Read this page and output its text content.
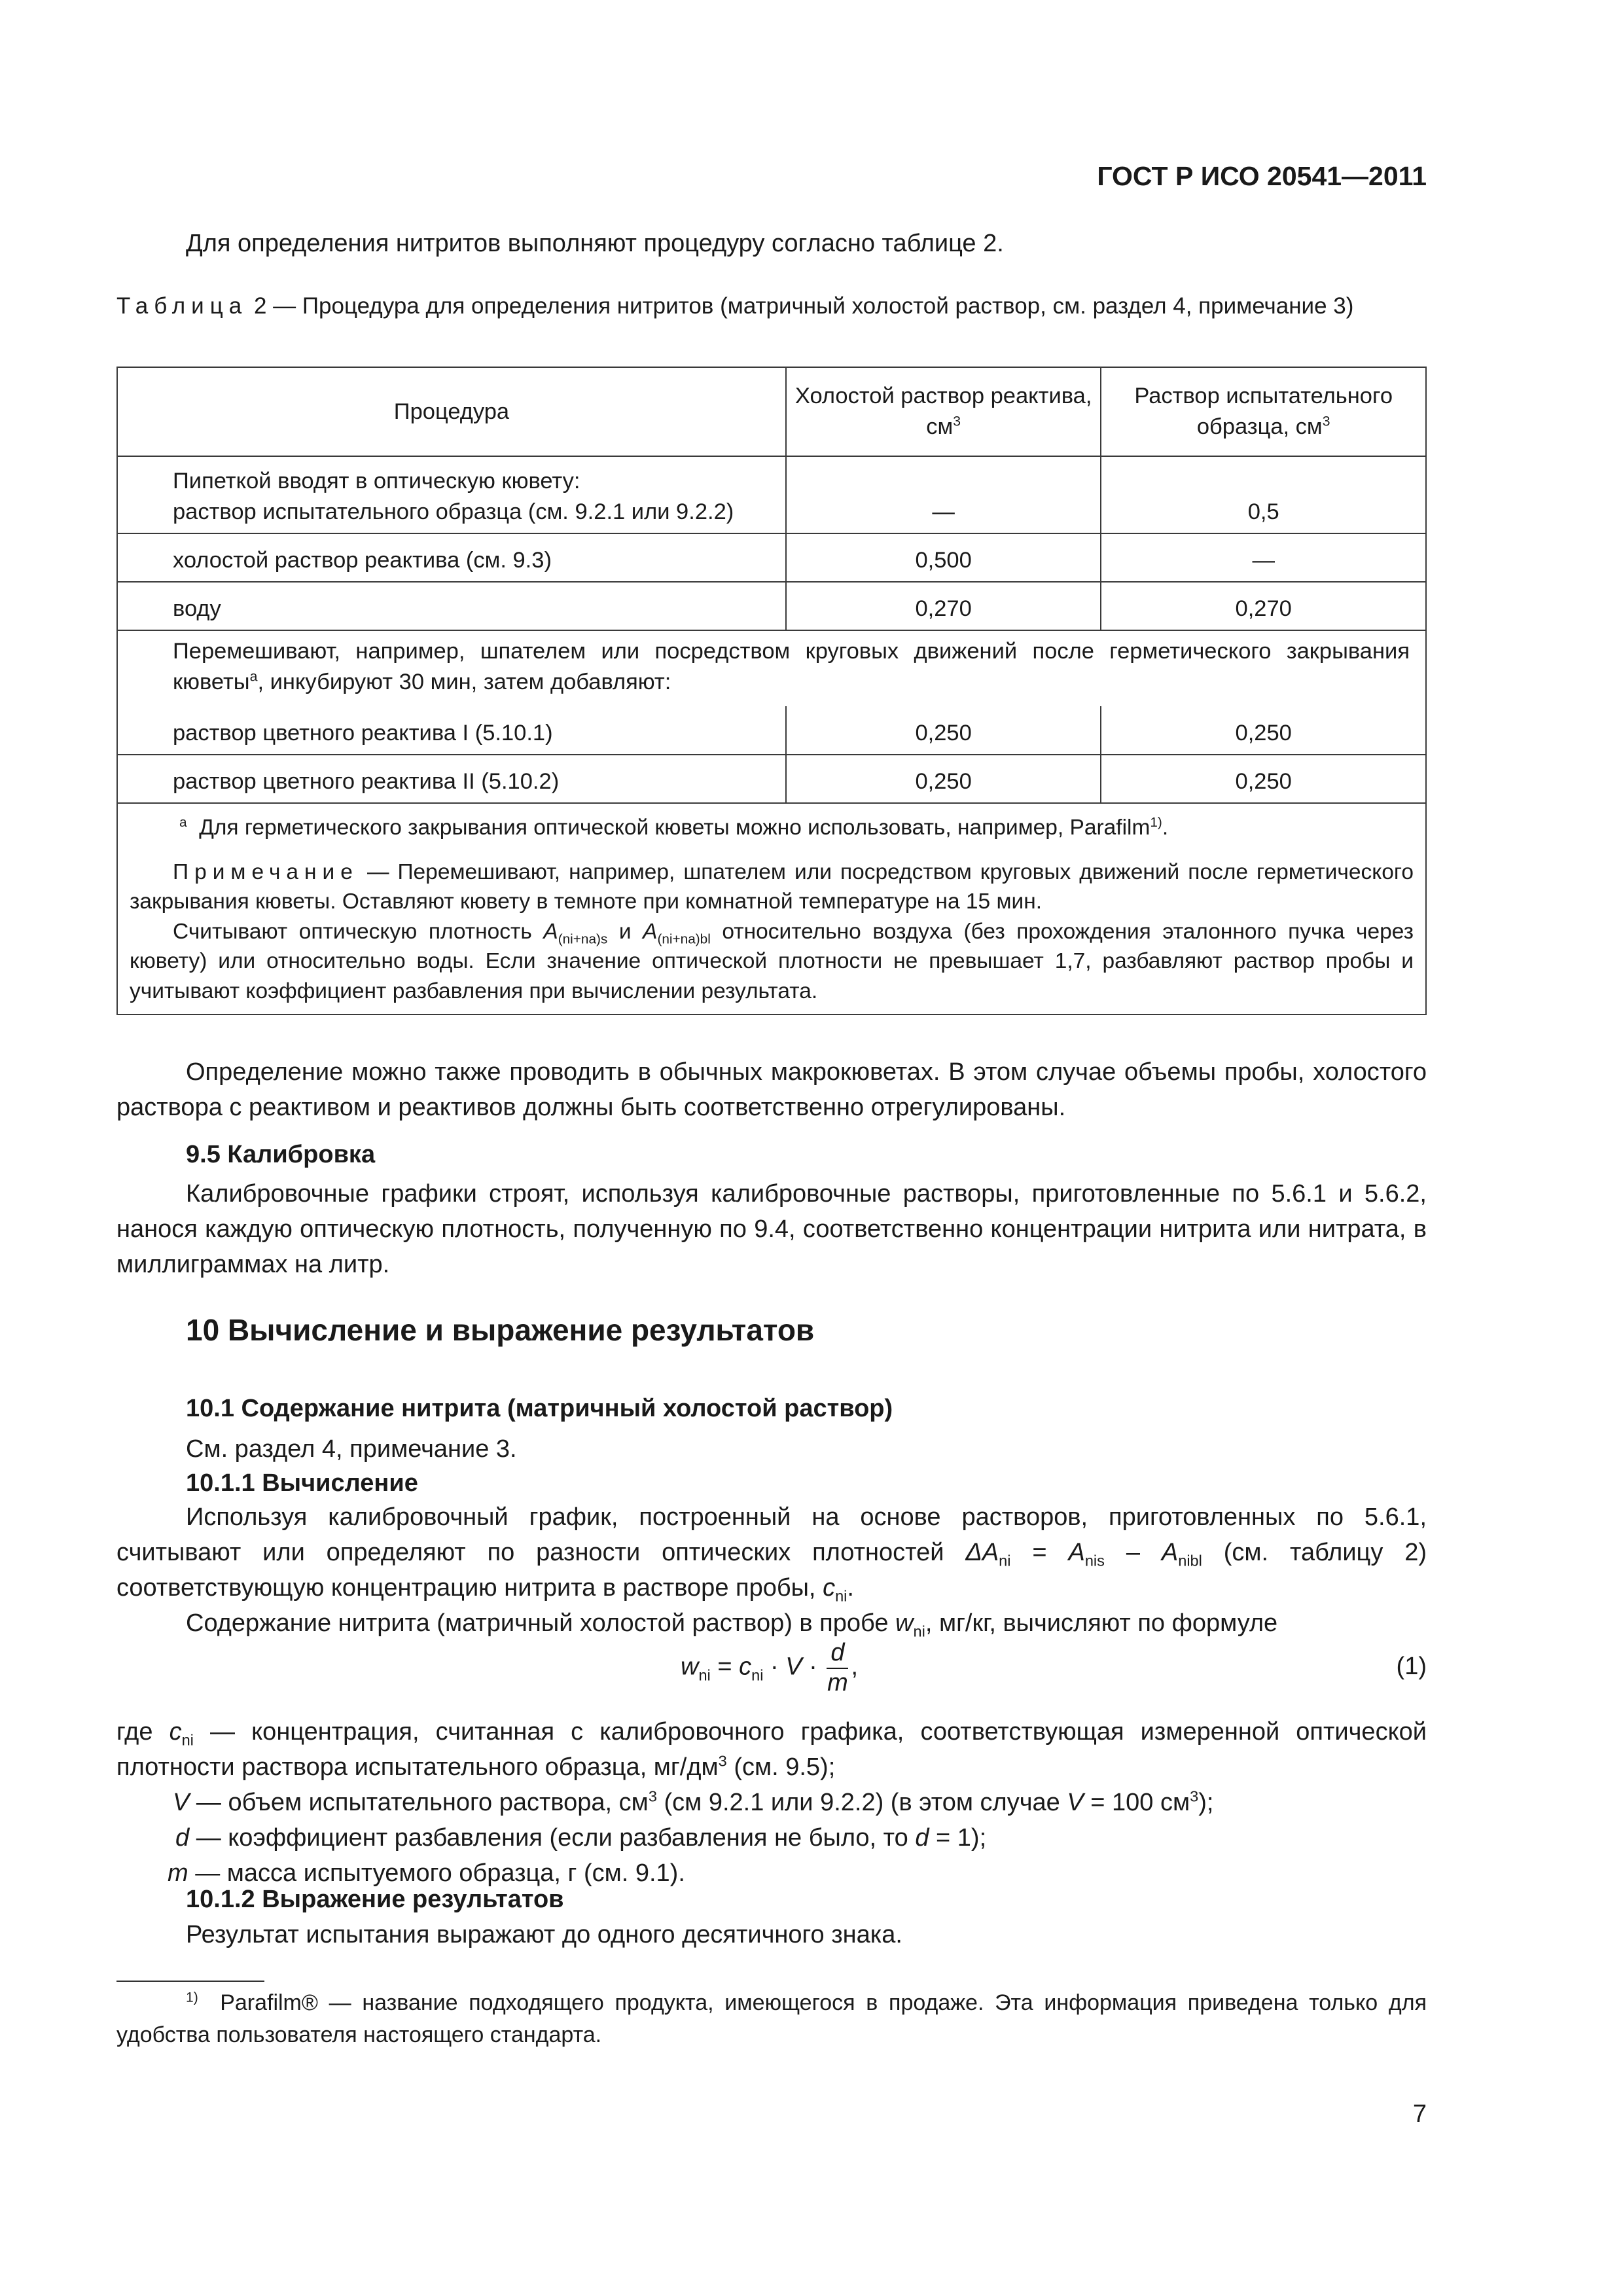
ГОСТ Р ИСО 20541—2011
Для определения нитритов выполняют процедуру согласно таблице 2.
Таблица 2 — Процедура для определения нитритов (матричный холостой раствор, см. раздел 4, примечание 3)
Процедура	Холостой раствор реактива, $см^3$	Раствор испытательного образца, $см^3$

Пипеткой вводят в оптическую кювету:
раствор испытательного образца (см. 9.2.1 или 9.2.2)	—	0,5
холостой раствор реактива (см. 9.3)	0,500	—
воду	0,270	0,270
Перемешивают, например, шпателем или посредством круговых движений после герметического закрывания кюветы$^а$, инкубируют 30 мин, затем добавляют:		
раствор цветного реактива I (5.10.1)	0,250	0,250
раствор цветного реактива II (5.10.2)	0,250	0,250

$^а$ Для герметического закрывания оптической кюветы можно использовать, например, Parafilm$^{1)}$.

Примечание — Перемешивают, например, шпателем или посредством круговых движений после герметического закрывания кюветы. Оставляют кювету в темноте при комнатной температуре на 15 мин.

Считывают оптическую плотность $A_{(ni+na)s}$ и $A_{(ni+na)bl}$ относительно воздуха (без прохождения эталонного пучка через кювету) или относительно воды. Если значение оптической плотности не превышает 1,7, разбавляют раствор пробы и учитывают коэффициент разбавления при вычислении результата.		

Определение можно также проводить в обычных макрокюветах. В этом случае объемы пробы, холостого раствора с реактивом и реактивов должны быть соответственно отрегулированы.

9.5 Калибровка

Калибровочные графики строят, используя калибровочные растворы, приготовленные по 5.6.1 и 5.6.2, нанося каждую оптическую плотность, полученную по 9.4, соответственно концентрации нитрита или нитрата, в миллиграммах на литр.

10 Вычисление и выражение результатов
10.1 Содержание нитрита (матричный холостой раствор)
См. раздел 4, примечание 3.
10.1.1 Вычисление

Используя калибровочный график, построенный на основе растворов, приготовленных по 5.6.1, считывают или определяют по разности оптических плотностей $\Delta A_{ni} = A_{nis} - A_{nibl}$ (см. таблицу 2) соответствующую концентрацию нитрита в растворе пробы, $c_{ni}$.

Содержание нитрита (матричный холостой раствор) в пробе $w_{ni}$, мг/кг, вычисляют по формуле

$w_{ni} = c_{ni} \cdot V \cdot \frac{d}{m}$ ,	(1)
где $c_{ni}$ — концентрация, считанная с калибровочного графика, соответствующая измеренной оптической плотности раствора испытательного образца, $мг/дм^3$ (см. 9.5);
V — объем испытательного раствора, $см^3$ (см 9.2.1 или 9.2.2) (в этом случае V = 100 $см^3$);
d — коэффициент разбавления (если разбавления не было, то d = 1);
m — масса испытуемого образца, г (см. 9.1).
10.1.2 Выражение результатов
Результат испытания выражают до одного десятичного знака.

$^{1)}$ Parafilm® — название подходящего продукта, имеющегося в продаже. Эта информация приведена только для удобства пользователя настоящего стандарта.

7
